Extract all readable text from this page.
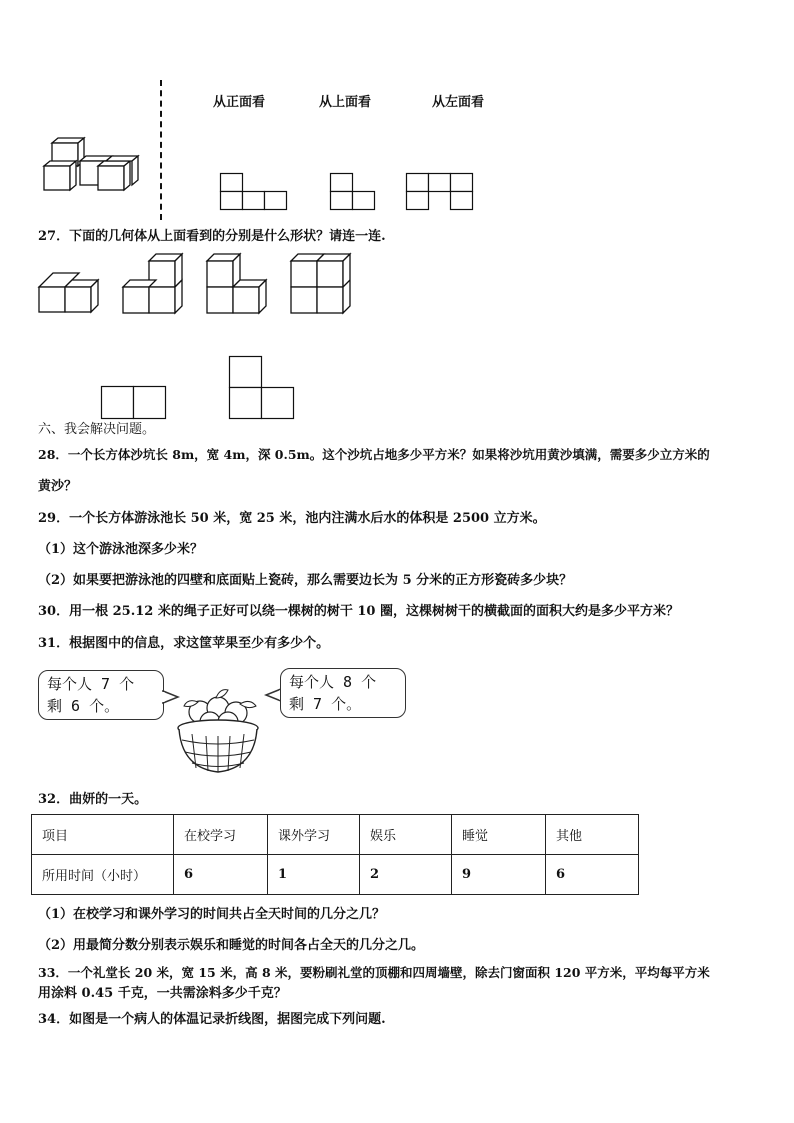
从正面看	从上面看	从左面看
27．下面的几何体从上面看到的分别是什么形状？请连一连.
六、我会解决问题。
28．一个长方体沙坑长 8m，宽 4m，深 0.5m。这个沙坑占地多少平方米？如果将沙坑用黄沙填满，需要多少立方米的
黄沙？
29．一个长方体游泳池长 50 米，宽 25 米，池内注满水后水的体积是 2500 立方米。
（1）这个游泳池深多少米？
（2）如果要把游泳池的四壁和底面贴上瓷砖，那么需要边长为 5 分米的正方形瓷砖多少块？
30．用一根 25.12 米的绳子正好可以绕一棵树的树干 10 圈，这棵树树干的横截面的面积大约是多少平方米？
31．根据图中的信息，求这筐苹果至少有多少个。
每个人 7 个
剩 6 个。
每个人 8 个
剩 7 个。
32．曲妍的一天。
项目	在校学习	课外学习	娱乐	睡觉	其他
所用时间（小时）	6	1	2	9	6
（1）在校学习和课外学习的时间共占全天时间的几分之几？
（2）用最简分数分别表示娱乐和睡觉的时间各占全天的几分之几。
33．一个礼堂长 20 米，宽 15 米，高 8 米，要粉刷礼堂的顶棚和四周墙壁，除去门窗面积 120 平方米，平均每平方米
用涂料 0.45 千克，一共需涂料多少千克？
34．如图是一个病人的体温记录折线图，据图完成下列问题.
